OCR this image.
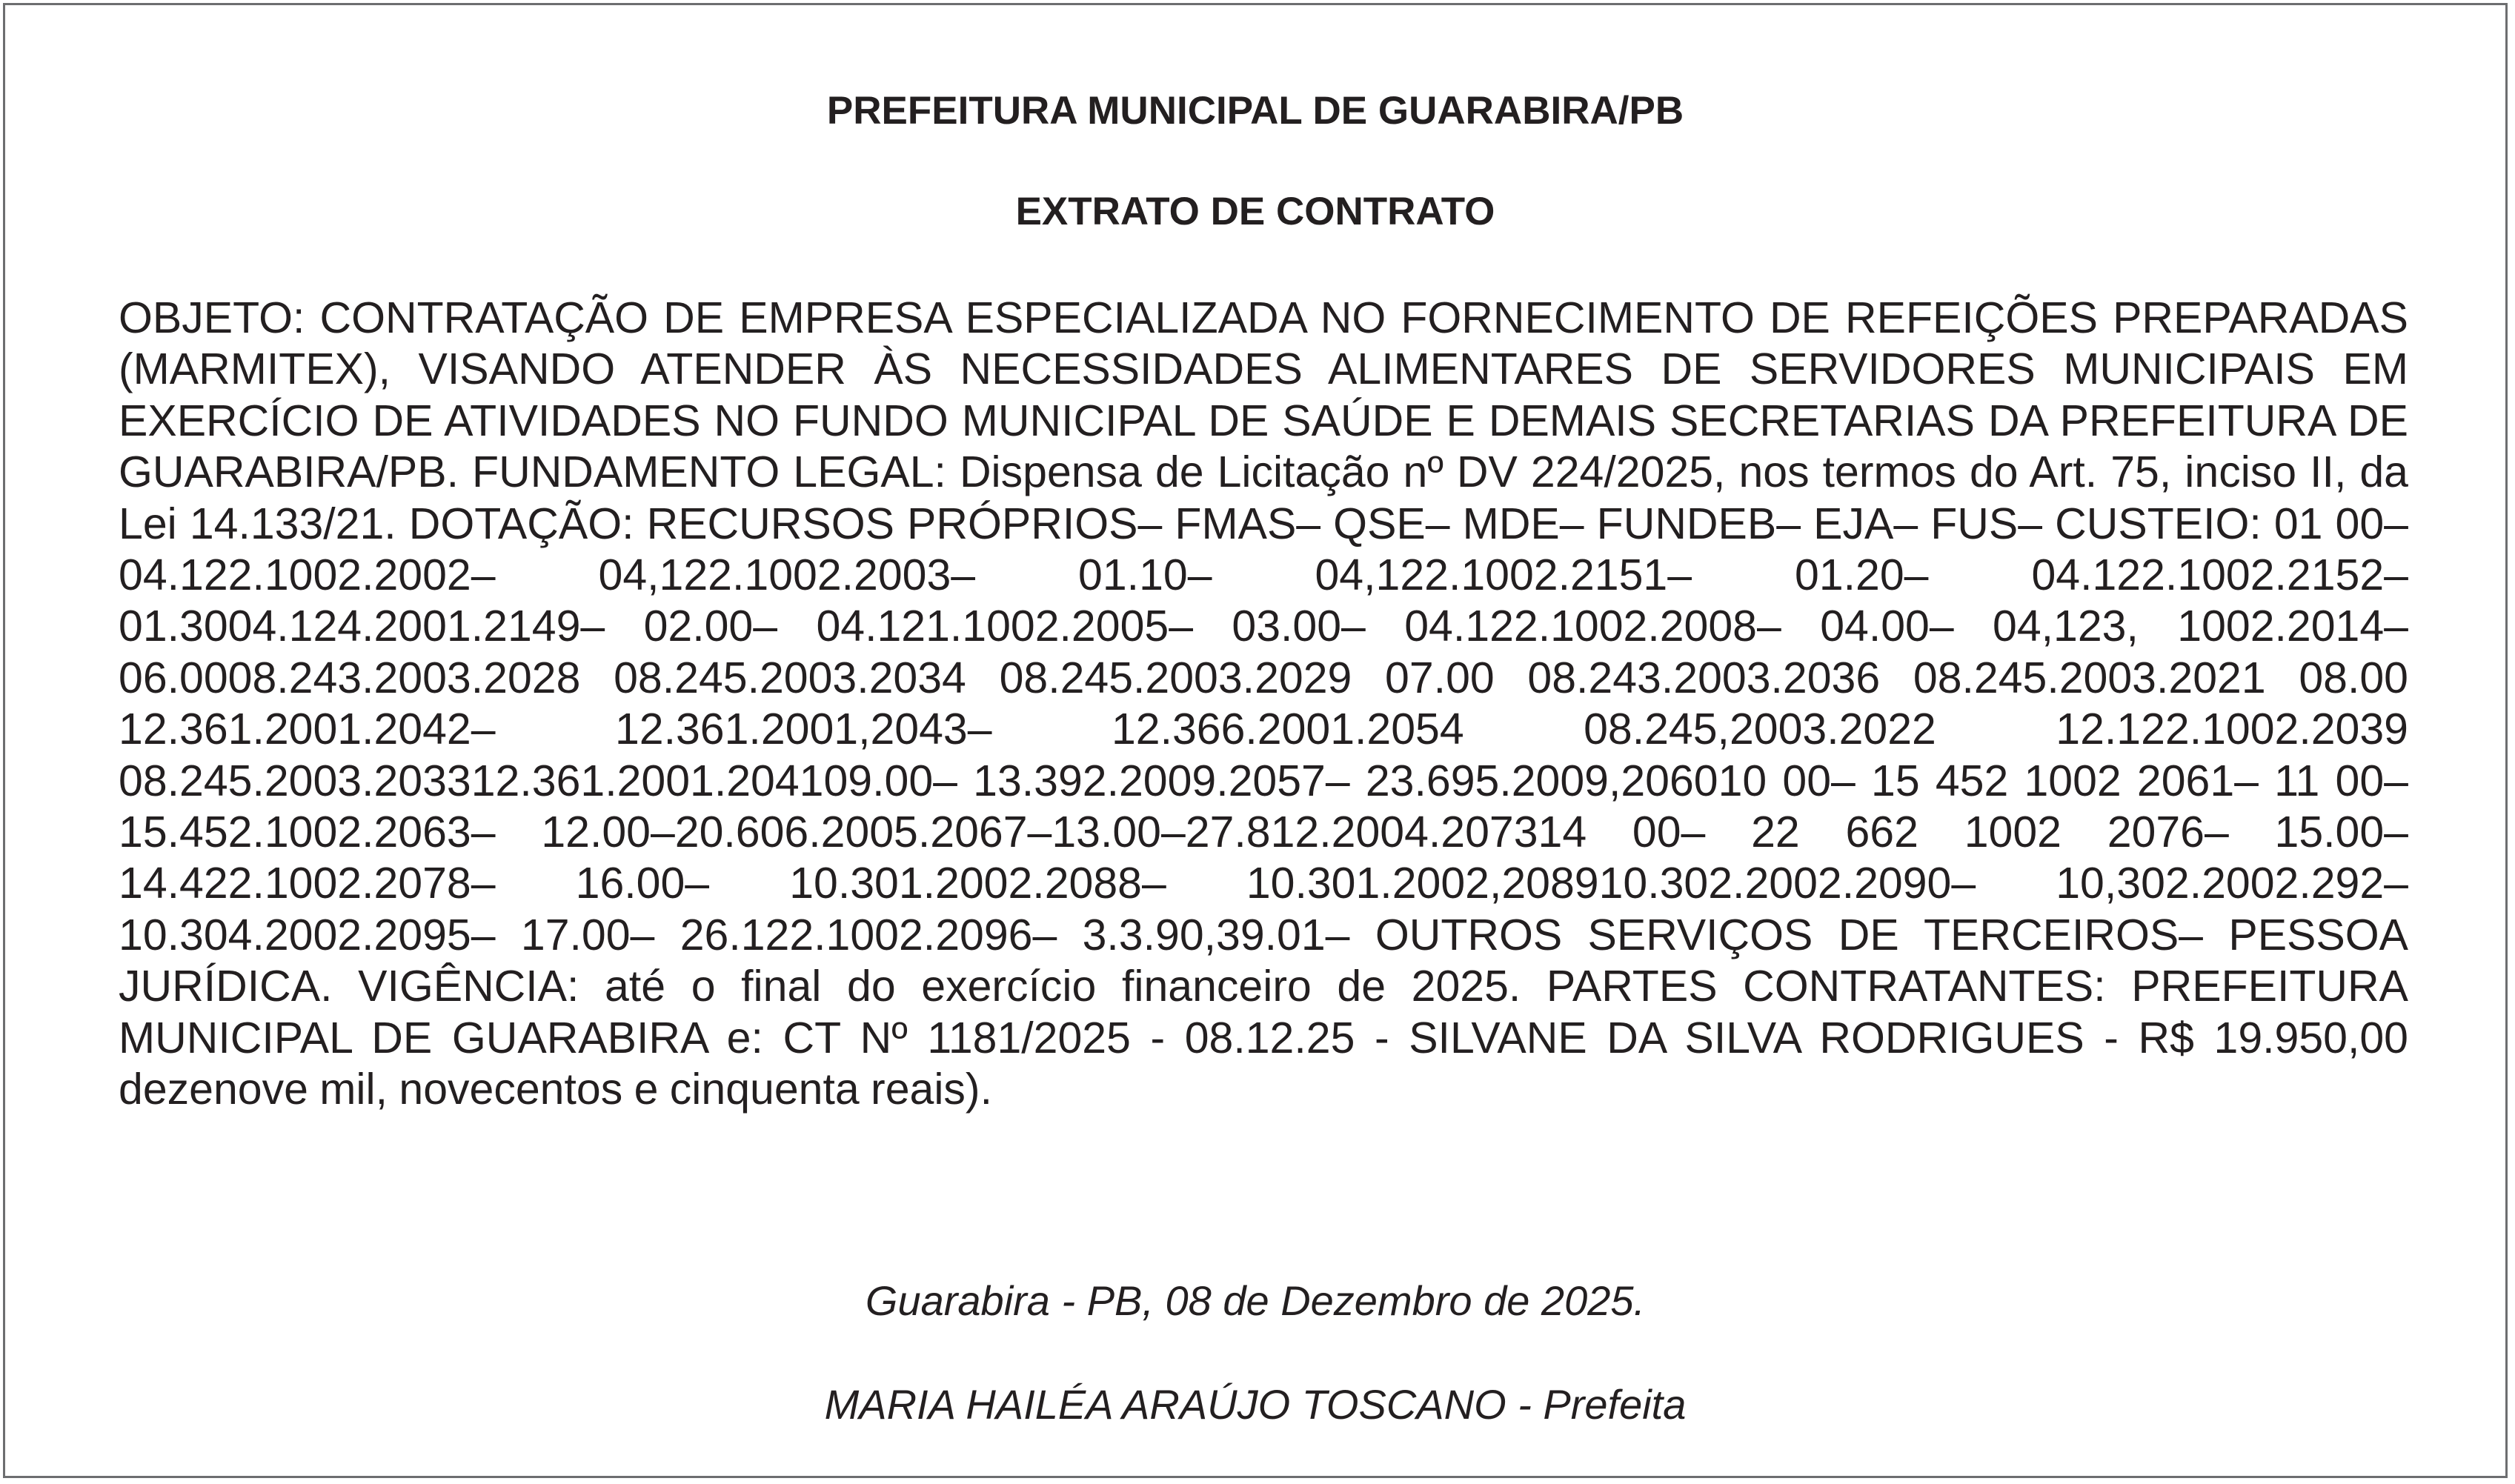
PREFEITURA MUNICIPAL DE GUARABIRA/PB
EXTRATO DE CONTRATO
OBJETO: CONTRATAÇÃO DE EMPRESA ESPECIALIZADA NO FORNECIMENTO DE REFEIÇÕES PREPARADAS (MARMITEX), VISANDO ATENDER ÀS NECESSIDADES ALIMENTARES DE SERVIDORES MUNICIPAIS EM EXERCÍCIO DE ATIVIDADES NO FUNDO MUNICIPAL DE SAÚDE E DEMAIS SECRETARIAS DA PREFEITURA DE GUARABIRA/PB. FUNDAMENTO LEGAL: Dispensa de Licitação nº DV 224/2025, nos termos do Art. 75, inciso II, da Lei 14.133/21. DOTAÇÃO: RECURSOS PRÓPRIOS– FMAS– QSE– MDE– FUNDEB– EJA– FUS– CUSTEIO: 01 00– 04.122.1002.2002– 04,122.1002.2003– 01.10– 04,122.1002.2151– 01.20– 04.122.1002.2152– 01.3004.124.2001.2149– 02.00– 04.121.1002.2005– 03.00– 04.122.1002.2008– 04.00– 04,123, 1002.2014– 06.0008.243.2003.2028 08.245.2003.2034 08.245.2003.2029 07.00 08.243.2003.2036 08.245.2003.2021 08.00 12.361.2001.2042– 12.361.2001,2043– 12.366.2001.2054 08.245,2003.2022 12.122.1002.2039 08.245.2003.203312.361.2001.204109.00– 13.392.2009.2057– 23.695.2009,206010 00– 15 452 1002 2061– 11 00– 15.452.1002.2063– 12.00–20.606.2005.2067–13.00–27.812.2004.207314 00– 22 662 1002 2076– 15.00– 14.422.1002.2078– 16.00– 10.301.2002.2088– 10.301.2002,208910.302.2002.2090– 10,302.2002.292– 10.304.2002.2095– 17.00– 26.122.1002.2096– 3.3.90,39.01– OUTROS SERVIÇOS DE TERCEIROS– PESSOA JURÍDICA. VIGÊNCIA: até o final do exercício financeiro de 2025. PARTES CONTRATANTES: PREFEITURA MUNICIPAL DE GUARABIRA e: CT Nº 1181/2025 - 08.12.25 - SILVANE DA SILVA RODRIGUES - R$ 19.950,00 dezenove mil, novecentos e cinquenta reais).
Guarabira - PB, 08 de Dezembro de 2025.
MARIA HAILÉA ARAÚJO TOSCANO - Prefeita
